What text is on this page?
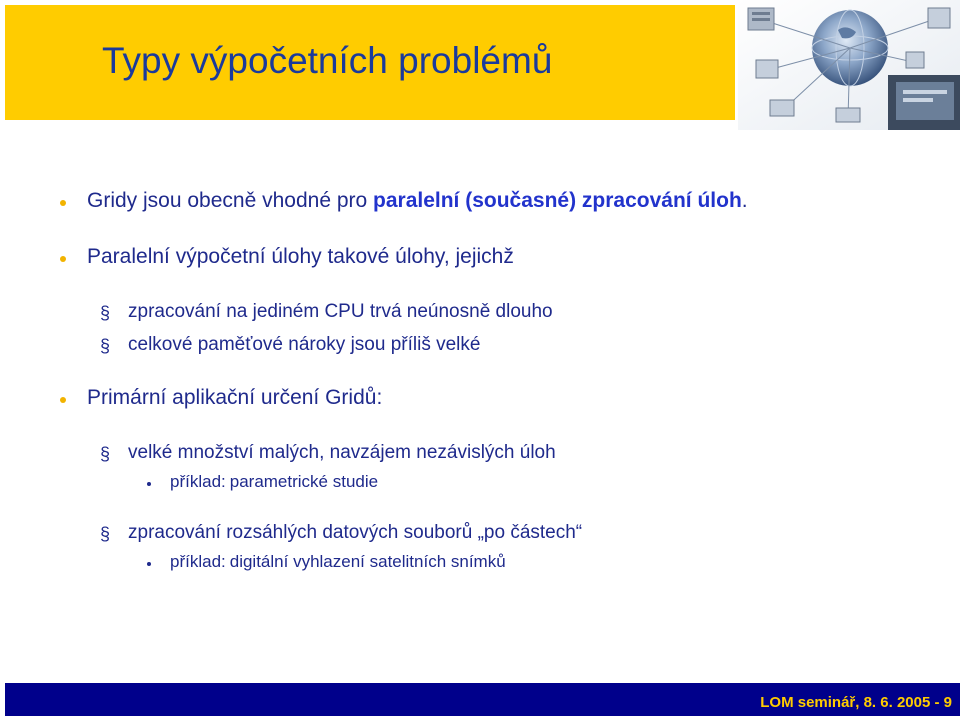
Typy výpočetních problémů
Gridy jsou obecně vhodné pro paralelní (současné) zpracování úloh.
Paralelní výpočetní úlohy takové úlohy, jejichž
§ zpracování na jediném CPU trvá neúnosně dlouho
§ celkové paměťové nároky jsou příliš velké
Primární aplikační určení Gridů:
§ velké množství malých, navzájem nezávislých úloh
příklad: parametrické studie
§ zpracování rozsáhlých datových souborů „po částech“
příklad: digitální vyhlazení satelitních snímků
LOM seminář, 8. 6. 2005 - 9
